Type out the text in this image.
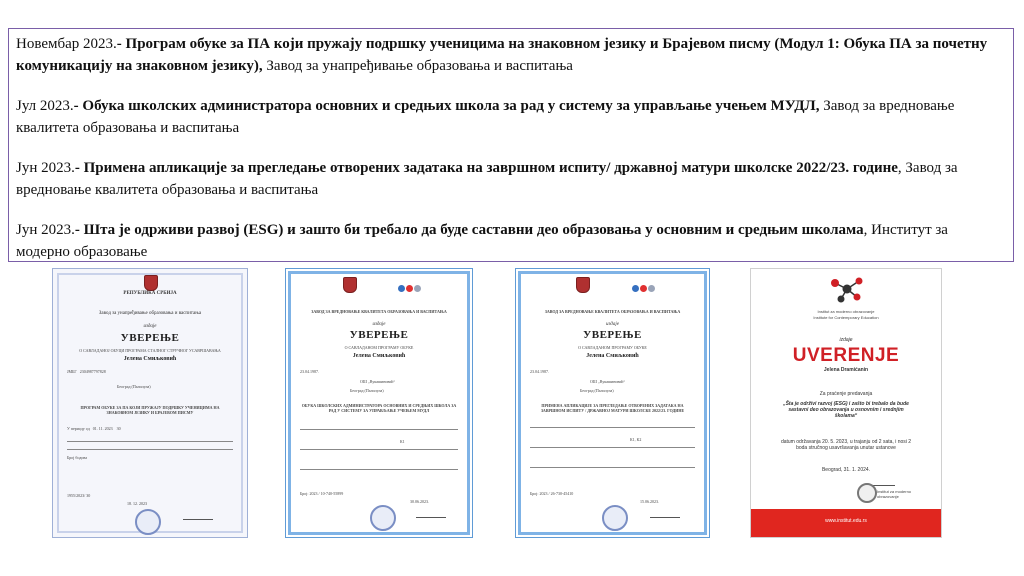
Новембар 2023.- Програм обуке за ПА који пружају подршку ученицима на знаковном језику и Брајевом писму (Модул 1: Обука ПА за почетну комуникацију на знаковном језику), Завод за унапређивање образовања и васпитања
Јул 2023.- Обука школских администратора основних и средњих школа за рад у систему за управљање учењем МУДЛ, Завод за вредновање квалитета образовања и васпитања
Јун 2023.- Примена апликације за прегледање отворених задатака на завршном испиту/ државној матури школске 2022/23. године, Завод за вредновање квалитета образовања и васпитања
Јун 2023.- Шта је одрживи развој (ESG) и зашто би требало да буде саставни део образовања у основним и средњим школама, Институт за модерно образовање
РЕПУБЛИКА СРБИЈА
Завод за унапређивање образовања и васпитања
издаје
УВЕРЕЊЕ
О САВЛАДАНОЈ ОБУЦИ ПРОГРАМА СТАЛНОГ СТРУЧНОГ УСАВРШАВАЊА
Јелена Смиљковић
ЈМБГ 2304987797828
Београд (Палилула)
ПРОГРАМ ОБУКЕ ЗА ПА КОЈИ ПРУЖАЈУ ПОДРШКУ УЧЕНИЦИМА НА ЗНАКОВНОМ ЈЕЗИКУ И БРАЈЕВОМ ПИСМУ
У периоду од 01. 11. 2023 30
Број бодова
1955/2023/ 30
18. 12. 2023
ЗАВОД ЗА ВРЕДНОВАЊЕ КВАЛИТЕТА ОБРАЗОВАЊА И ВАСПИТАЊА
издаје
УВЕРЕЊЕ
О САВЛАДАНОМ ПРОГРАМУ ОБУКЕ
Јелена Смиљковић
23.04.1987.
ОШ „Вукашиновић“
Београд (Палилула)
ОБУКА ШКОЛСКИХ АДМИНИСТРАТОРА ОСНОВНИХ И СРЕДЊИХ ШКОЛА ЗА РАД У СИСТЕМУ ЗА УПРАВЉАЊЕ УЧЕЊЕМ МУДЛ
К1
Број: 2023 / 10-740-55899
30.06.2023.
ЗАВОД ЗА ВРЕДНОВАЊЕ КВАЛИТЕТА ОБРАЗОВАЊА И ВАСПИТАЊА
издаје
УВЕРЕЊЕ
О САВЛАДАНОМ ПРОГРАМУ ОБУКЕ
Јелена Смиљковић
23.04.1987.
ОШ „Вукашиновић“
Београд (Палилула)
ПРИМЕНА АПЛИКАЦИЈЕ ЗА ПРЕГЛЕДАЊЕ ОТВОРЕНИХ ЗАДАТАКА НА ЗАВРШНОМ ИСПИТУ / ДРЖАВНОЈ МАТУРИ ШКОЛСКЕ 2022/23. ГОДИНЕ
К1, К2
Број: 2023 / 26-730-45410
15.06.2023.
Institut za moderno obrazovanje
Institute for Contemporary Education
izdaje
UVERENJE
Jelena Dramićanin
Za praćenje predavanja
„Šta je održivi razvoj (ESG) i zašto bi trebalo da bude sastavni deo obrazovanja u osnovnim i srednjim školama“
datum održavanja 20. 5. 2023, u trajanju od 2 sata, i nosi 2 boda stručnog usavršavanja unutar ustanove
Beograd, 31. 1. 2024.
Institut za moderno obrazovanje
www.institut.edu.rs
